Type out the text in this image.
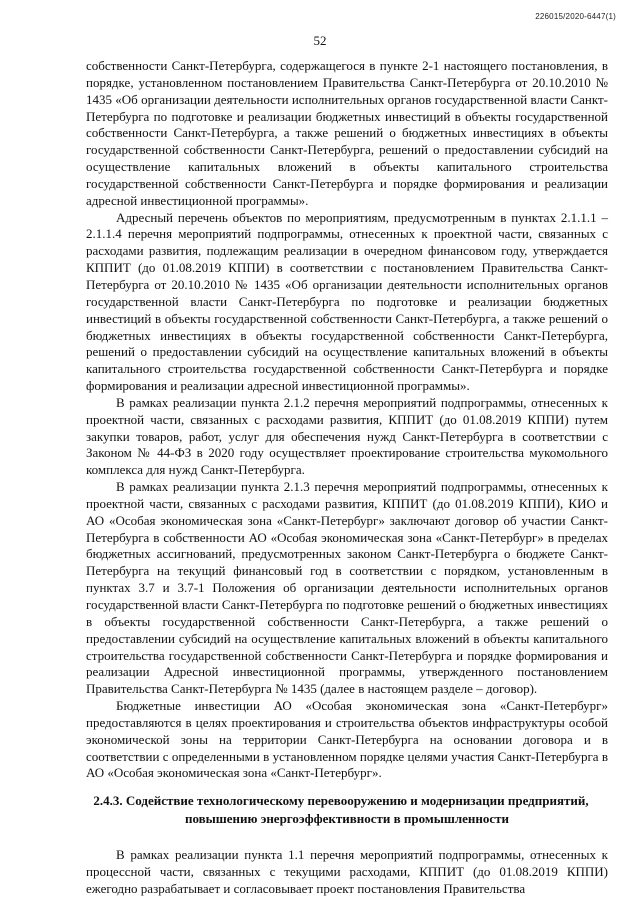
226015/2020-6447(1)
52

собственности Санкт-Петербурга, содержащегося в пункте 2-1 настоящего постановления, в порядке, установленном постановлением Правительства Санкт-Петербурга от 20.10.2010 № 1435 «Об организации деятельности исполнительных органов государственной власти Санкт-Петербурга по подготовке и реализации бюджетных инвестиций в объекты государственной собственности Санкт-Петербурга, а также решений о бюджетных инвестициях в объекты государственной собственности Санкт-Петербурга, решений о предоставлении субсидий на осуществление капитальных вложений в объекты капитального строительства государственной собственности Санкт-Петербурга и порядке формирования и реализации адресной инвестиционной программы».

Адресный перечень объектов по мероприятиям, предусмотренным в пунктах 2.1.1.1 – 2.1.1.4 перечня мероприятий подпрограммы, отнесенных к проектной части, связанных с расходами развития, подлежащим реализации в очередном финансовом году, утверждается КППИТ (до 01.08.2019 КППИ) в соответствии с постановлением Правительства Санкт-Петербурга от 20.10.2010 № 1435 «Об организации деятельности исполнительных органов государственной власти Санкт-Петербурга по подготовке и реализации бюджетных инвестиций в объекты государственной собственности Санкт-Петербурга, а также решений о бюджетных инвестициях в объекты государственной собственности Санкт-Петербурга, решений о предоставлении субсидий на осуществление капитальных вложений в объекты капитального строительства государственной собственности Санкт-Петербурга и порядке формирования и реализации адресной инвестиционной программы».

В рамках реализации пункта 2.1.2 перечня мероприятий подпрограммы, отнесенных к проектной части, связанных с расходами развития, КППИТ (до 01.08.2019 КППИ) путем закупки товаров, работ, услуг для обеспечения нужд Санкт-Петербурга в соответствии с Законом № 44-ФЗ в 2020 году осуществляет проектирование строительства мукомольного комплекса для нужд Санкт-Петербурга.

В рамках реализации пункта 2.1.3 перечня мероприятий подпрограммы, отнесенных к проектной части, связанных с расходами развития, КППИТ (до 01.08.2019 КППИ), КИО и АО «Особая экономическая зона «Санкт-Петербург» заключают договор об участии Санкт-Петербурга в собственности АО «Особая экономическая зона «Санкт-Петербург» в пределах бюджетных ассигнований, предусмотренных законом Санкт-Петербурга о бюджете Санкт-Петербурга на текущий финансовый год в соответствии с порядком, установленным в пунктах 3.7 и 3.7-1 Положения об организации деятельности исполнительных органов государственной власти Санкт-Петербурга по подготовке решений о бюджетных инвестициях в объекты государственной собственности Санкт-Петербурга, а также решений о предоставлении субсидий на осуществление капитальных вложений в объекты капитального строительства государственной собственности Санкт-Петербурга и порядке формирования и реализации Адресной инвестиционной программы, утвержденного постановлением Правительства Санкт-Петербурга № 1435 (далее в настоящем разделе – договор).

Бюджетные инвестиции АО «Особая экономическая зона «Санкт-Петербург» предоставляются в целях проектирования и строительства объектов инфраструктуры особой экономической зоны на территории Санкт-Петербурга на основании договора и в соответствии с определенными в установленном порядке целями участия Санкт-Петербурга в АО «Особая экономическая зона «Санкт-Петербург».

2.4.3. Содействие технологическому перевооружению и модернизации предприятий, повышению энергоэффективности в промышленности

В рамках реализации пункта 1.1 перечня мероприятий подпрограммы, отнесенных к процессной части, связанных с текущими расходами, КППИТ (до 01.08.2019 КППИ) ежегодно разрабатывает и согласовывает проект постановления Правительства
